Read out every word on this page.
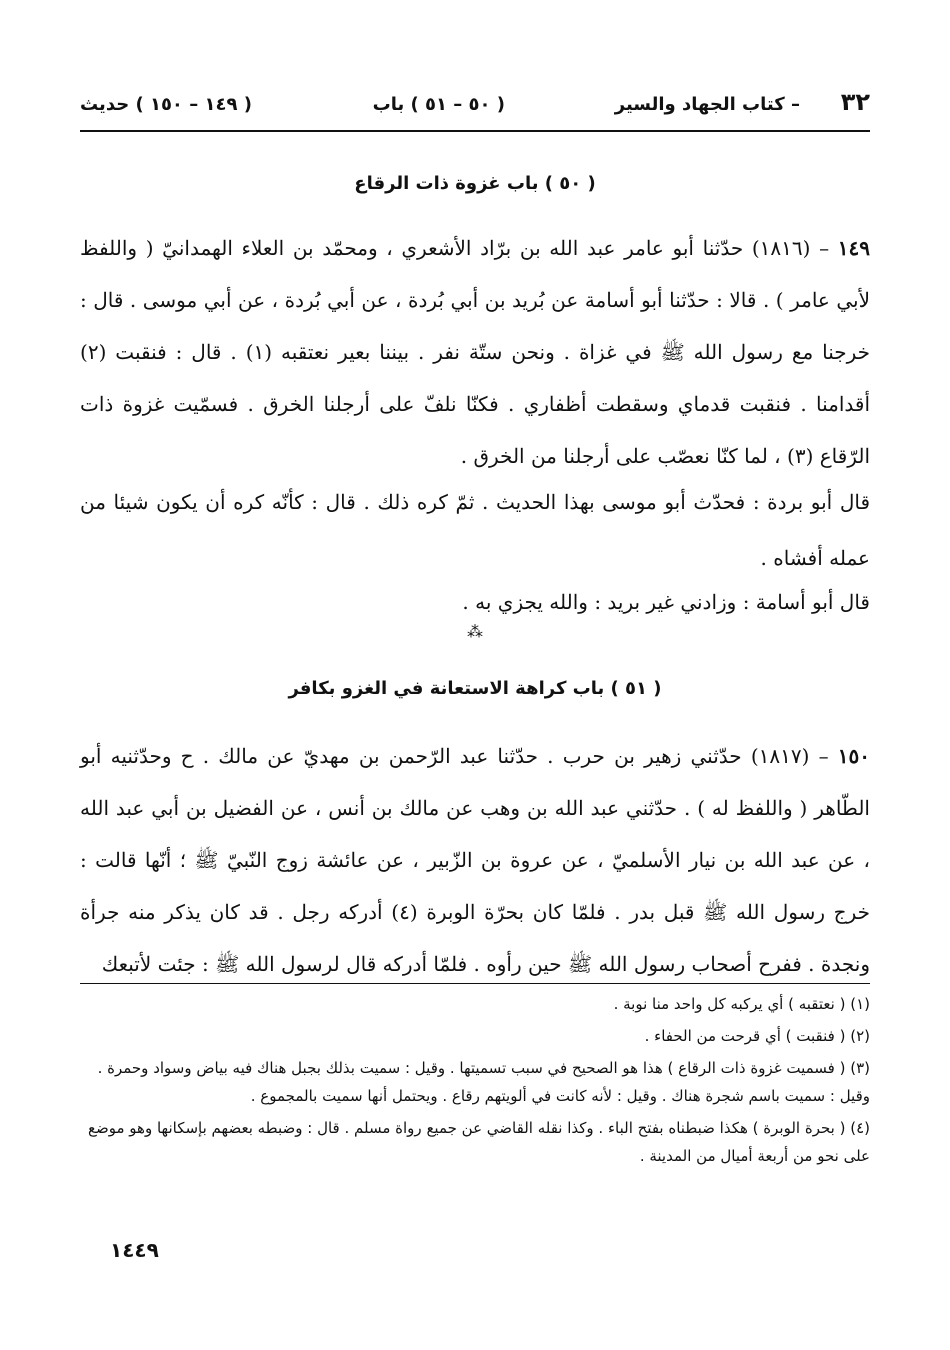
٣٢
– كتاب الجهاد والسير
( ٥٠ – ٥١ ) باب
( ١٤٩ – ١٥٠ ) حديث
( ٥٠ ) باب غزوة ذات الرقاع

١٤٩ – (١٨١٦) حدّثنا أبو عامر عبد الله بن برّاد الأشعري ، ومحمّد بن العلاء الهمدانيّ ( واللفظ لأبي عامر ) . قالا : حدّثنا أبو أسامة عن بُريد بن أبي بُردة ، عن أبي بُردة ، عن أبي موسى . قال : خرجنا مع رسول الله ﷺ في غزاة . ونحن ستّة نفر . بيننا بعير نعتقبه (١) . قال : فنقبت (٢) أقدامنا . فنقبت قدماي وسقطت أظفاري . فكنّا نلفّ على أرجلنا الخرق . فسمّيت غزوة ذات الرّقاع (٣) ، لما كنّا نعصّب على أرجلنا من الخرق .

قال أبو بردة : فحدّث أبو موسى بهذا الحديث . ثمّ كره ذلك . قال : كأنّه كره أن يكون شيئا من عمله أفشاه .

قال أبو أسامة : وزادني غير بريد : والله يجزي به .

⁂
( ٥١ ) باب كراهة الاستعانة في الغزو بكافر

١٥٠ – (١٨١٧) حدّثني زهير بن حرب . حدّثنا عبد الرّحمن بن مهديّ عن مالك . ح وحدّثنيه أبو الطّاهر ( واللفظ له ) . حدّثني عبد الله بن وهب عن مالك بن أنس ، عن الفضيل بن أبي عبد الله ، عن عبد الله بن نيار الأسلميّ ، عن عروة بن الزّبير ، عن عائشة زوج النّبيّ ﷺ ؛ أنّها قالت : خرج رسول الله ﷺ قبل بدر . فلمّا كان بحرّة الوبرة (٤) أدركه رجل . قد كان يذكر منه جرأة ونجدة . ففرح أصحاب رسول الله ﷺ حين رأوه . فلمّا أدركه قال لرسول الله ﷺ : جئت لأتبعك

(١) ( نعتقبه ) أي يركبه كل واحد منا نوبة .

(٢) ( فنقبت ) أي قرحت من الحفاء .

(٣) ( فسميت غزوة ذات الرقاع ) هذا هو الصحيح في سبب تسميتها . وقيل : سميت بذلك بجبل هناك فيه بياض وسواد وحمرة . وقيل : سميت باسم شجرة هناك . وقيل : لأنه كانت في ألويتهم رقاع . ويحتمل أنها سميت بالمجموع .

(٤) ( بحرة الوبرة ) هكذا ضبطناه بفتح الباء . وكذا نقله القاضي عن جميع رواة مسلم . قال : وضبطه بعضهم بإسكانها وهو موضع على نحو من أربعة أميال من المدينة .

١٤٤٩
